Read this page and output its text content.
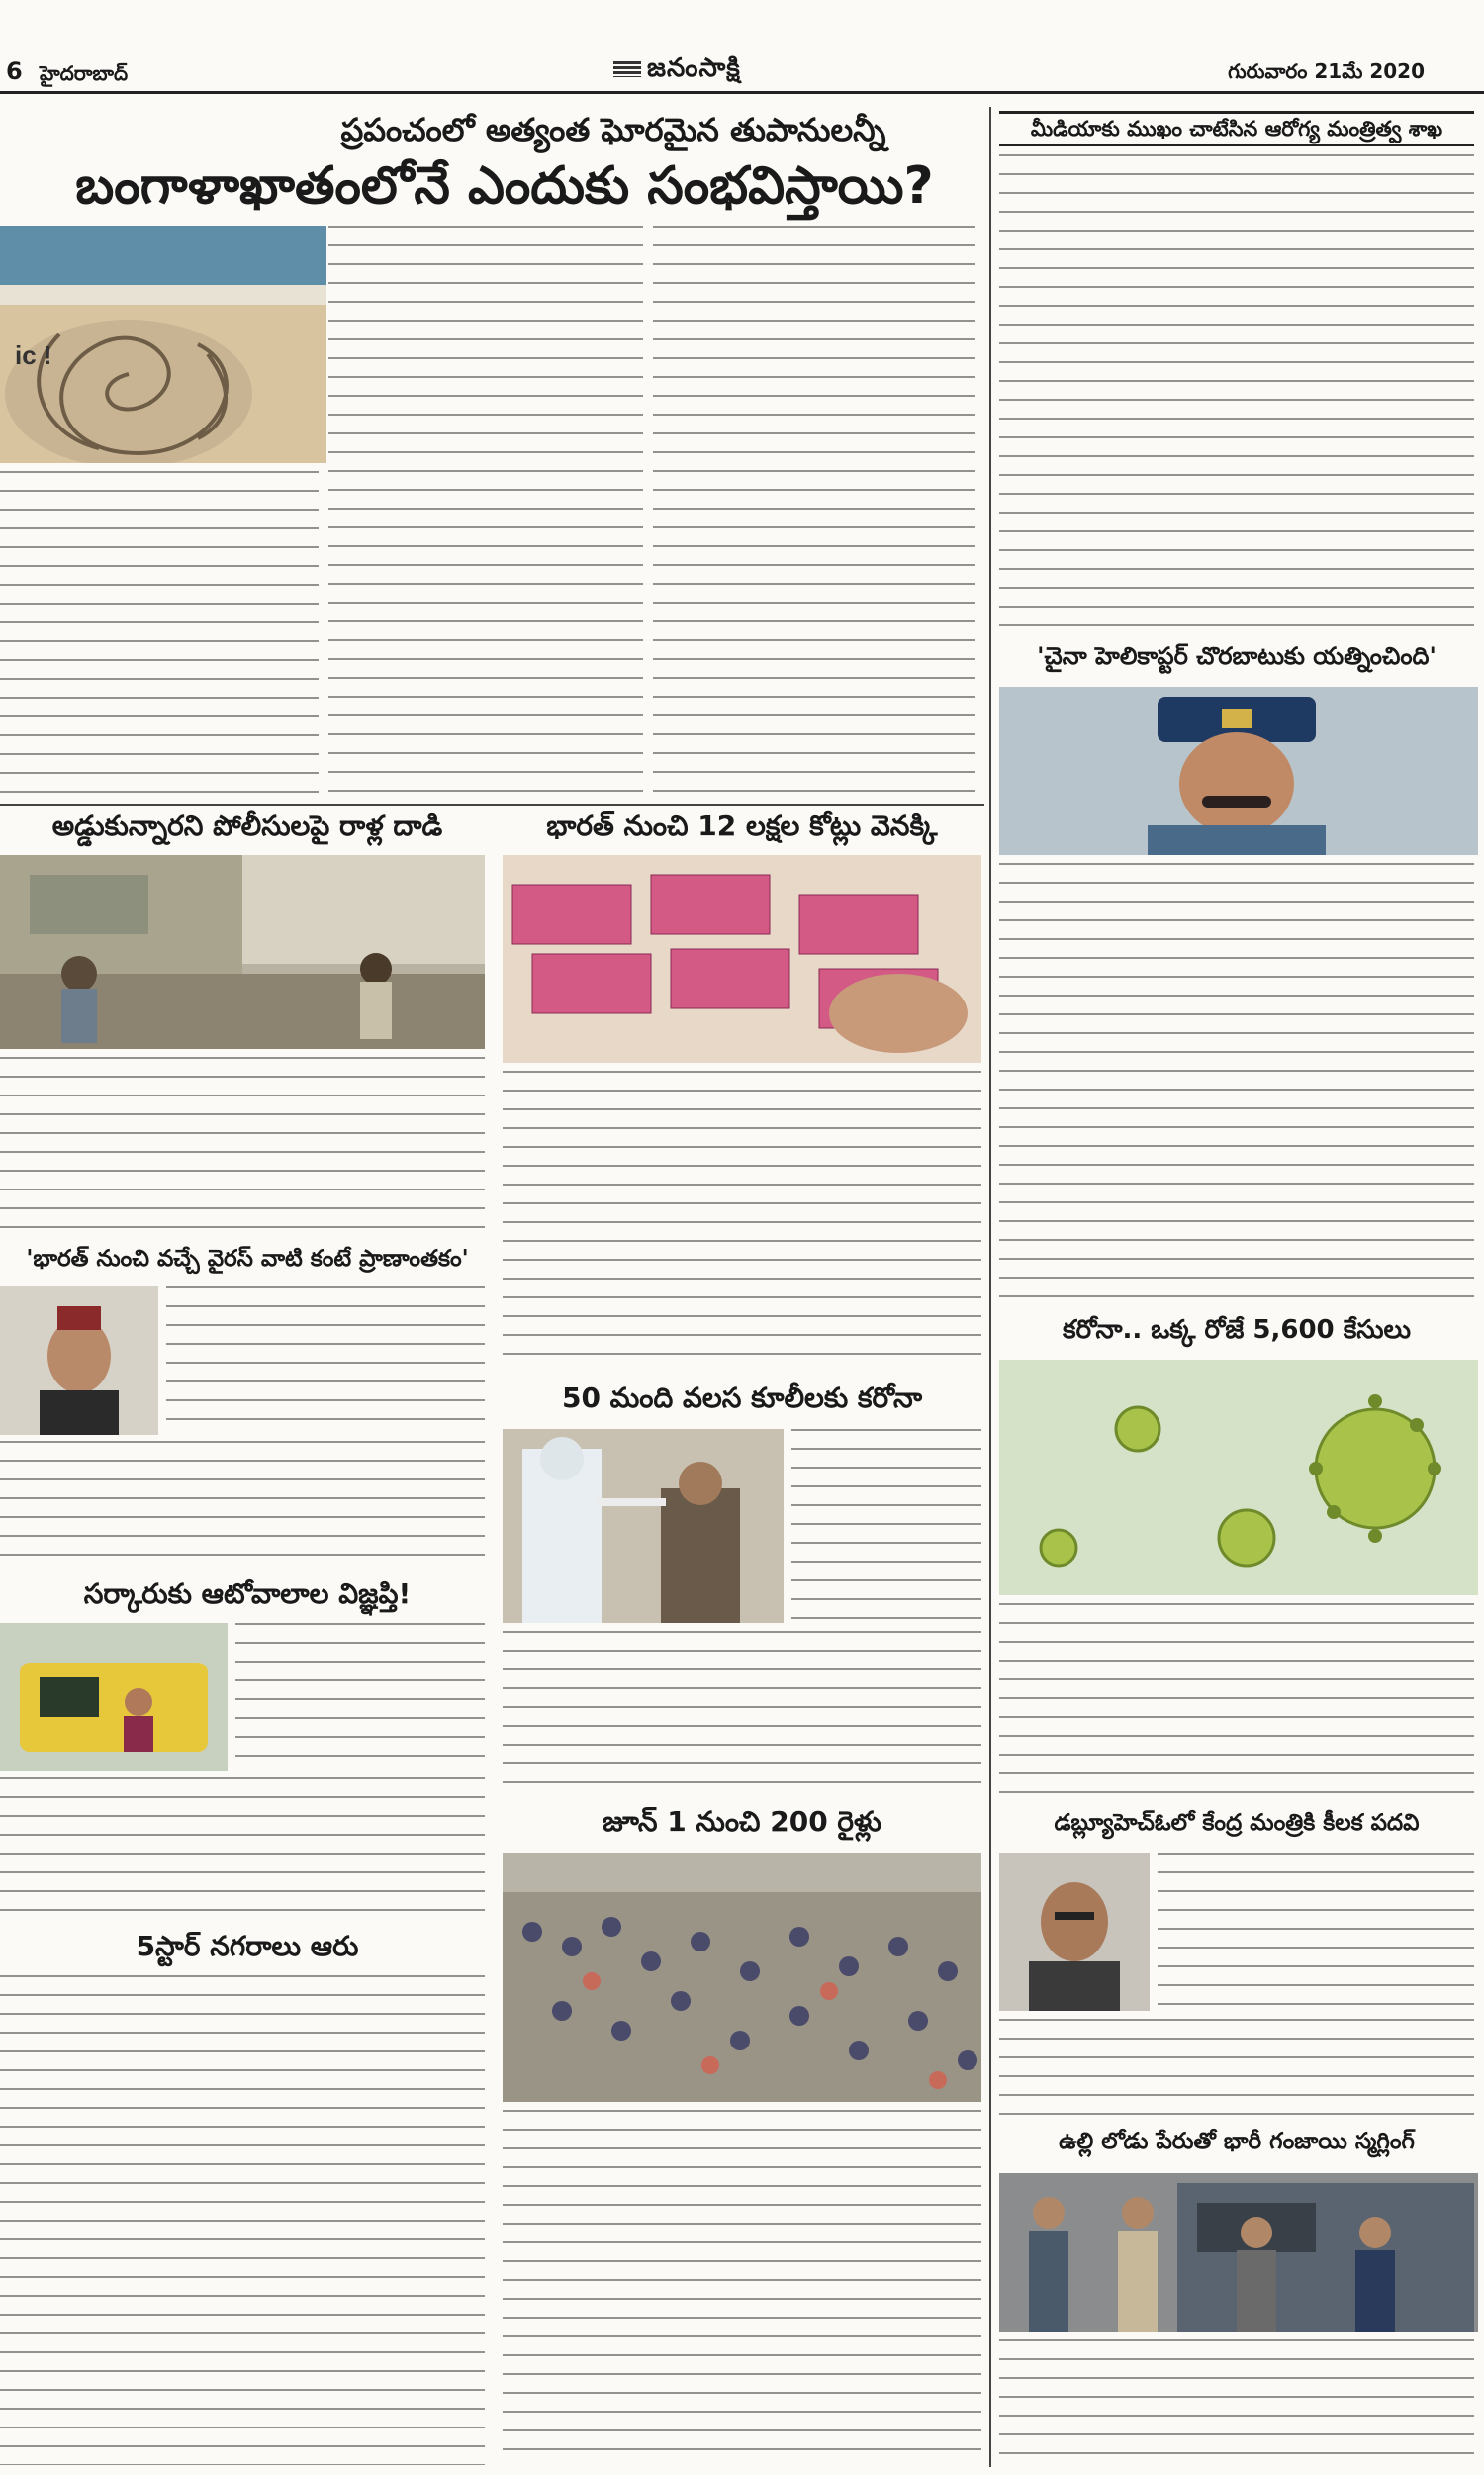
6 హైదరాబాద్	జనంసాక్షి	గురువారం 21మే 2020
ప్రపంచంలో అత్యంత ఘోరమైన తుపానులన్నీ
బంగాళాఖాతంలోనే ఎందుకు సంభవిస్తాయి?
ic !
అడ్డుకున్నారని పోలీసులపై రాళ్ల దాడి
'భారత్ నుంచి వచ్చే వైరస్ వాటి కంటే ప్రాణాంతకం'
సర్కారుకు ఆటోవాలాల విజ్ఞప్తి!
5స్టార్ నగరాలు ఆరు
భారత్ నుంచి 12 లక్షల కోట్లు వెనక్కి
50 మంది వలస కూలీలకు కరోనా
జూన్ 1 నుంచి 200 రైళ్లు
మీడియాకు ముఖం చాటేసిన ఆరోగ్య మంత్రిత్వ శాఖ
'చైనా హెలికాప్టర్ చొరబాటుకు యత్నించింది'
కరోనా.. ఒక్క రోజే 5,600 కేసులు
డబ్ల్యూహెచ్ఓలో కేంద్ర మంత్రికి కీలక పదవి
ఉల్లి లోడు పేరుతో భారీ గంజాయి స్మగ్లింగ్
